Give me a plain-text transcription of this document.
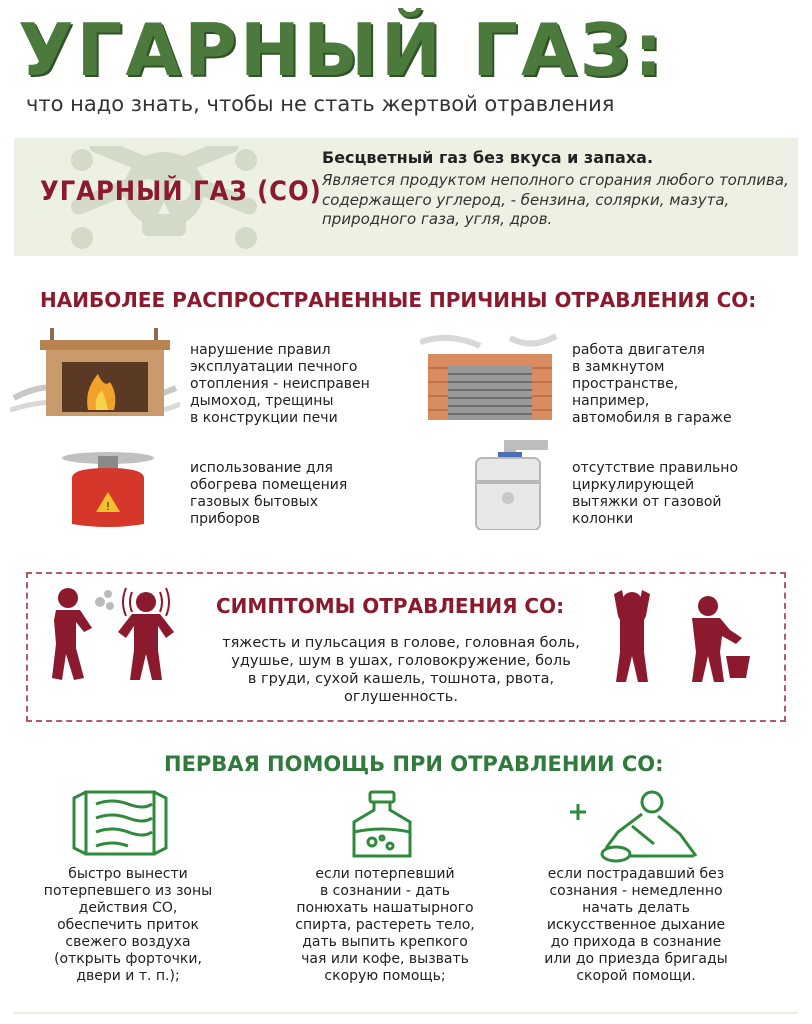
УГАРНЫЙ ГАЗ:
что надо знать, чтобы не стать жертвой отравления
УГАРНЫЙ ГАЗ (СО)
Бесцветный газ без вкуса и запаха.
Является продуктом неполного сгорания любого топлива, содержащего углерод, - бензина, солярки, мазута, природного газа, угля, дров.
НАИБОЛЕЕ РАСПРОСТРАНЕННЫЕ ПРИЧИНЫ ОТРАВЛЕНИЯ СО:
нарушение правил
эксплуатации печного
отопления - неисправен
дымоход, трещины
в конструкции печи
работа двигателя
в замкнутом
пространстве,
например,
автомобиля в гараже
!
использование для
обогрева помещения
газовых бытовых
приборов
отсутствие правильно
циркулирующей
вытяжки от газовой
колонки
СИМПТОМЫ ОТРАВЛЕНИЯ СО:
тяжесть и пульсация в голове, головная боль,
удушье, шум в ушах, головокружение, боль
в груди, сухой кашель, тошнота, рвота,
оглушенность.
ПЕРВАЯ ПОМОЩЬ ПРИ ОТРАВЛЕНИИ СО:
быстро вынести
потерпевшего из зоны
действия СО,
обеспечить приток
свежего воздуха
(открыть форточки,
двери и т. п.);
если потерпевший
в сознании - дать
понюхать нашатырного
спирта, растереть тело,
дать выпить крепкого
чая или кофе, вызвать
скорую помощь;
если пострадавший без
сознания - немедленно
начать делать
искусственное дыхание
до прихода в сознание
или до приезда бригады
скорой помощи.
